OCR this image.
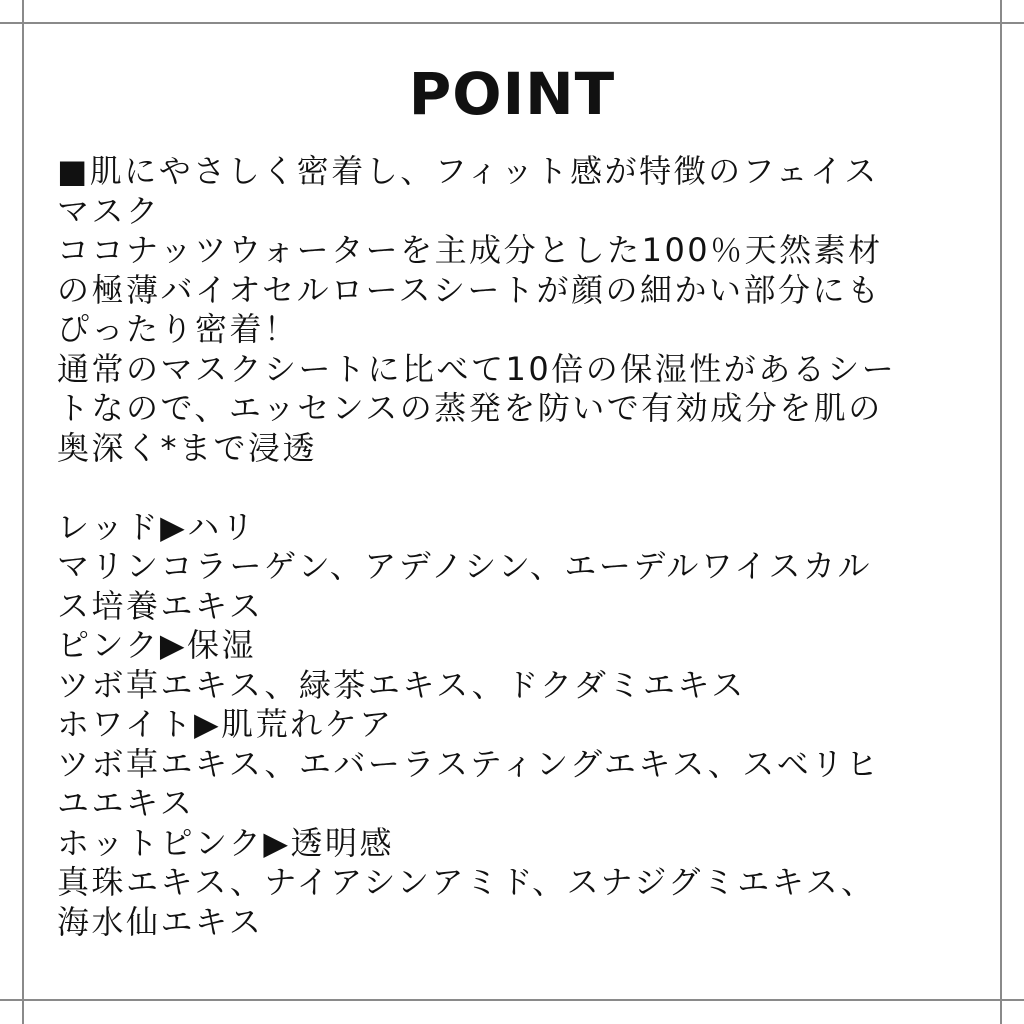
POINT
■肌にやさしく密着し、フィット感が特徴のフェイス
マスク
ココナッツウォーターを主成分とした100％天然素材
の極薄バイオセルロースシートが顔の細かい部分にも
ぴったり密着！
通常のマスクシートに比べて10倍の保湿性があるシー
トなので、エッセンスの蒸発を防いで有効成分を肌の
奥深く*まで浸透
レッド▶ハリ
マリンコラーゲン、アデノシン、エーデルワイスカル
ス培養エキス
ピンク▶保湿
ツボ草エキス、緑茶エキス、ドクダミエキス
ホワイト▶肌荒れケア
ツボ草エキス、エバーラスティングエキス、スベリヒ
ユエキス
ホットピンク▶透明感
真珠エキス、ナイアシンアミド、スナジグミエキス、
海水仙エキス
